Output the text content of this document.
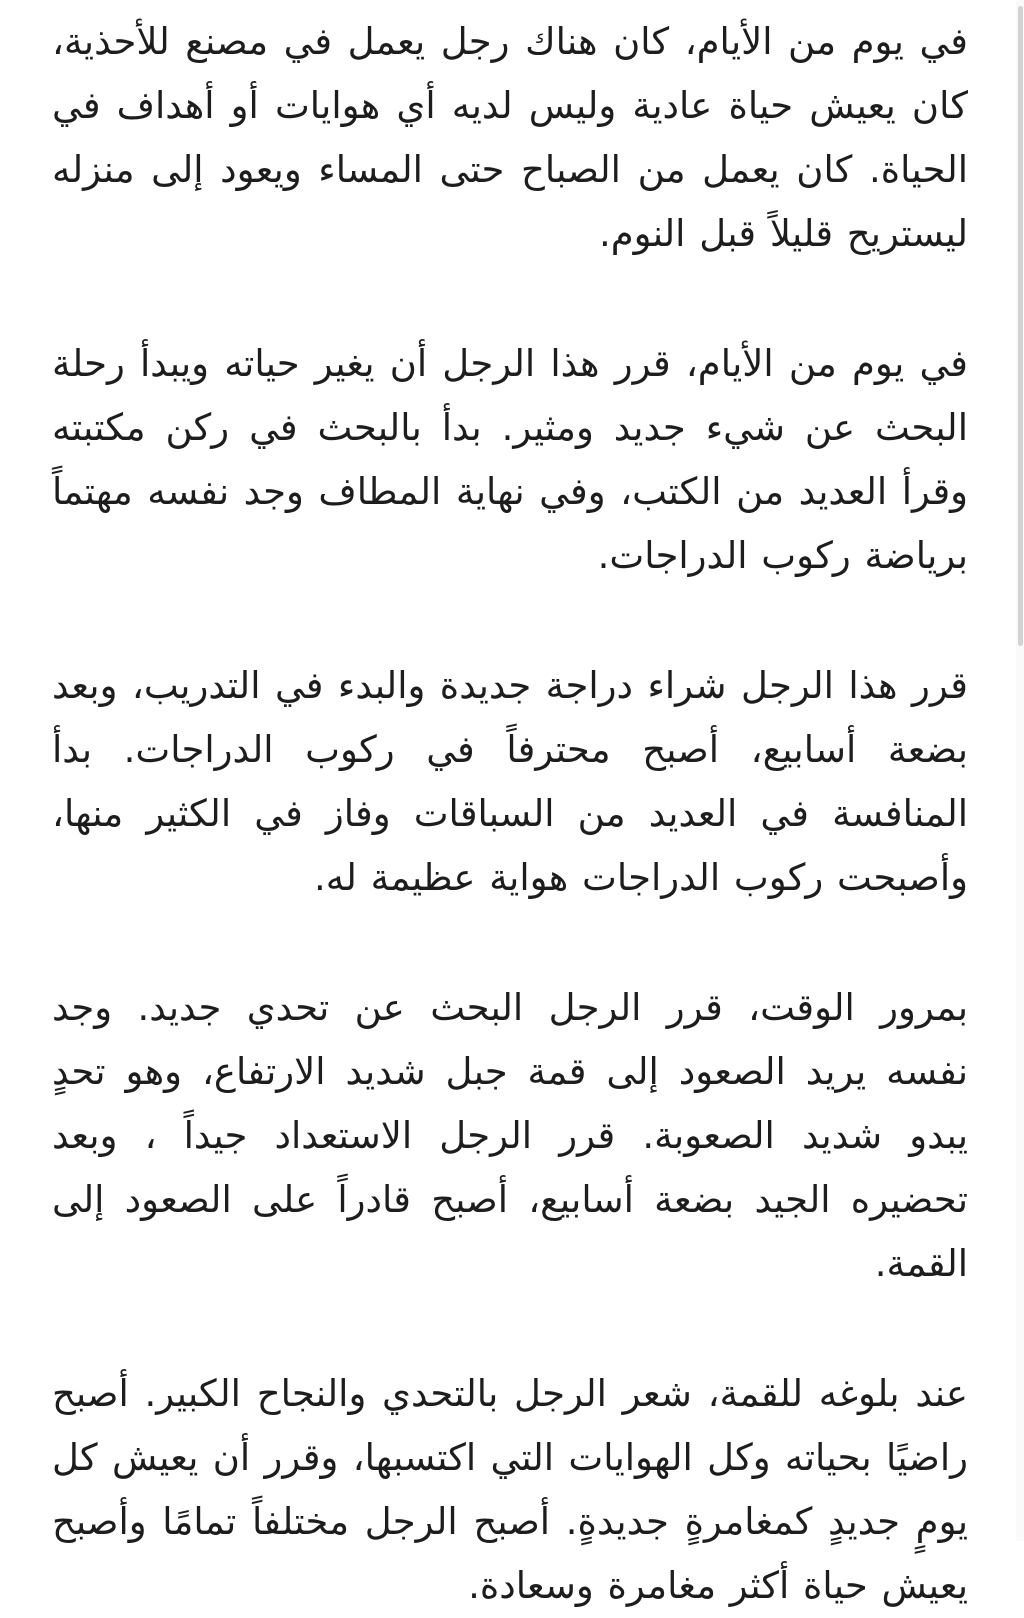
في يوم من الأيام، كان هناك رجل يعمل في مصنع للأحذية، كان يعيش حياة عادية وليس لديه أي هوايات أو أهداف في الحياة. كان يعمل من الصباح حتى المساء ويعود إلى منزله ليستريح قليلاً قبل النوم.

في يوم من الأيام، قرر هذا الرجل أن يغير حياته ويبدأ رحلة البحث عن شيء جديد ومثير. بدأ بالبحث في ركن مكتبته وقرأ العديد من الكتب، وفي نهاية المطاف وجد نفسه مهتماً برياضة ركوب الدراجات.

قرر هذا الرجل شراء دراجة جديدة والبدء في التدريب، وبعد بضعة أسابيع، أصبح محترفاً في ركوب الدراجات. بدأ المنافسة في العديد من السباقات وفاز في الكثير منها، وأصبحت ركوب الدراجات هواية عظيمة له.

بمرور الوقت، قرر الرجل البحث عن تحدي جديد. وجد نفسه يريد الصعود إلى قمة جبل شديد الارتفاع، وهو تحدٍ يبدو شديد الصعوبة. قرر الرجل الاستعداد جيداً ، وبعد تحضيره الجيد بضعة أسابيع، أصبح قادراً على الصعود إلى القمة.

عند بلوغه للقمة، شعر الرجل بالتحدي والنجاح الكبير. أصبح راضيًا بحياته وكل الهوايات التي اكتسبها، وقرر أن يعيش كل يومٍ جديدٍ كمغامرةٍ جديدةٍ. أصبح الرجل مختلفاً تمامًا وأصبح يعيش حياة أكثر مغامرة وسعادة.
